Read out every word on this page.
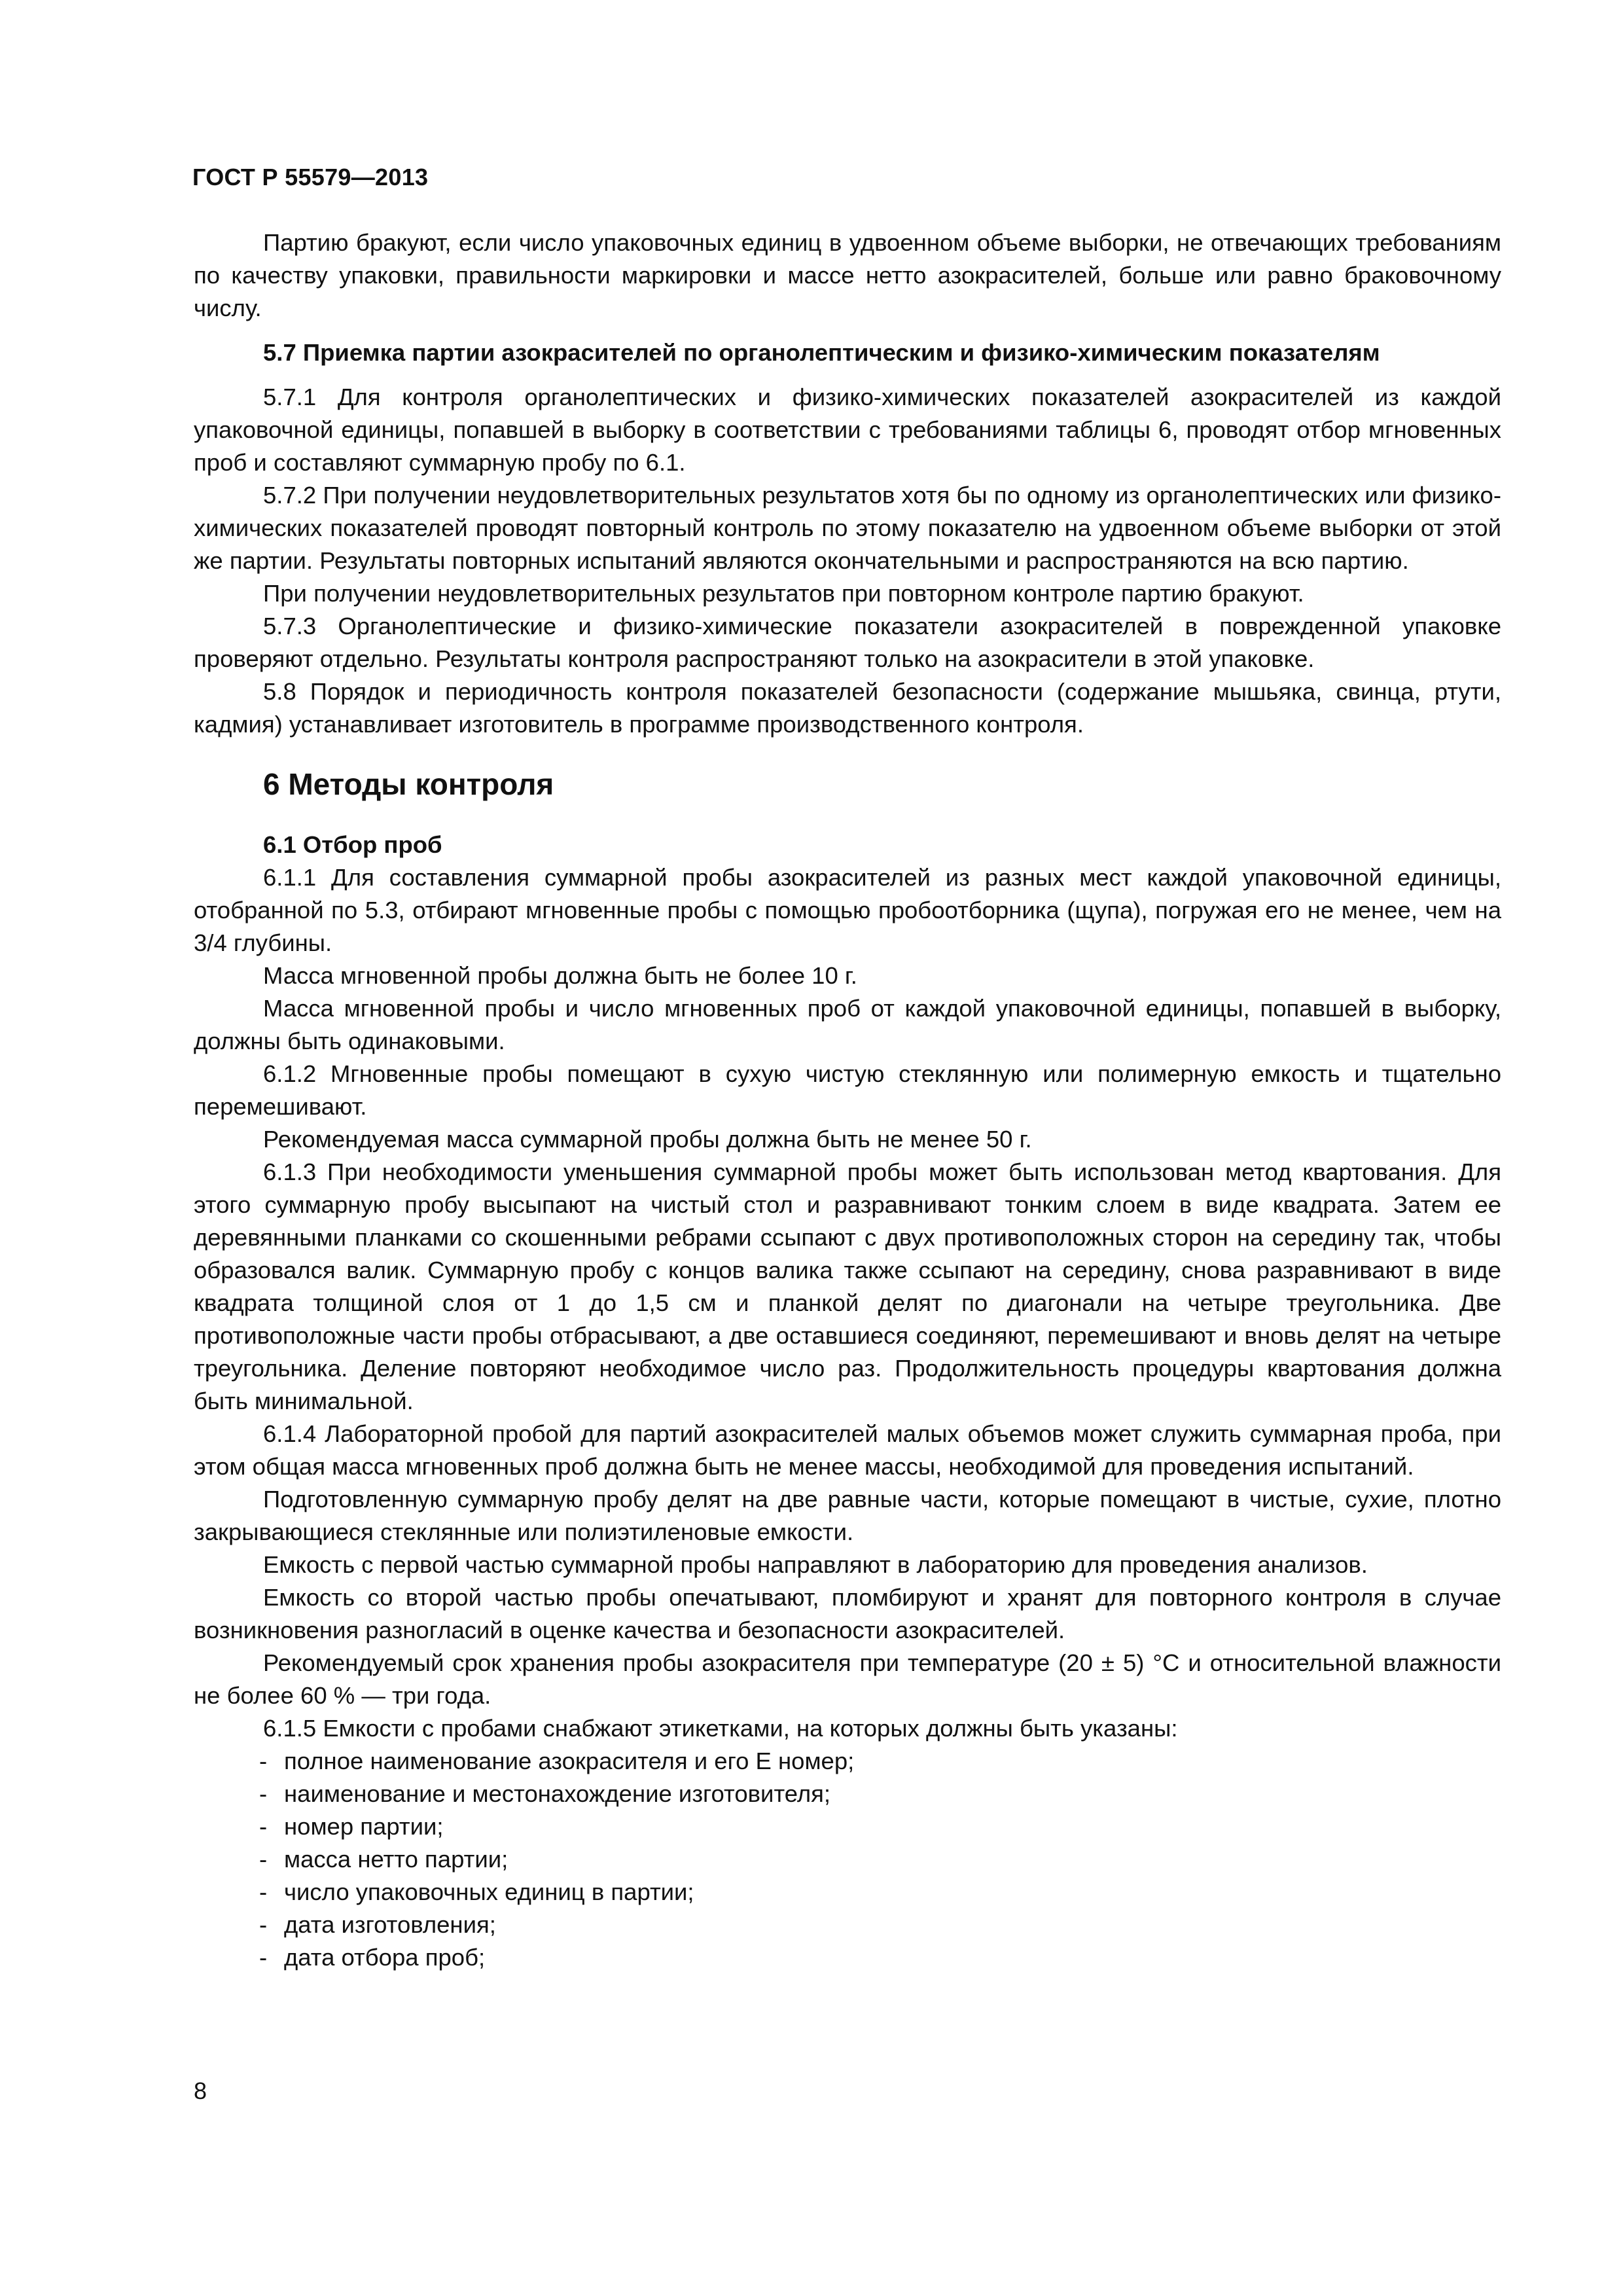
ГОСТ Р 55579—2013

Партию бракуют, если число упаковочных единиц в удвоенном объеме выборки, не отвечающих требованиям по качеству упаковки, правильности маркировки и массе нетто азокрасителей, больше или равно браковочному числу.

5.7 Приемка партии азокрасителей по органолептическим и физико-химическим показателям

5.7.1 Для контроля органолептических и физико-химических показателей азокрасителей из каждой упаковочной единицы, попавшей в выборку в соответствии с требованиями таблицы 6, проводят отбор мгновенных проб и составляют суммарную пробу по 6.1.

5.7.2 При получении неудовлетворительных результатов хотя бы по одному из органолептических или физико-химических показателей проводят повторный контроль по этому показателю на удвоенном объеме выборки от этой же партии. Результаты повторных испытаний являются окончательными и распространяются на всю партию.

При получении неудовлетворительных результатов при повторном контроле партию бракуют.

5.7.3 Органолептические и физико-химические показатели азокрасителей в поврежденной упаковке проверяют отдельно. Результаты контроля распространяют только на азокрасители в этой упаковке.

5.8 Порядок и периодичность контроля показателей безопасности (содержание мышьяка, свинца, ртути, кадмия) устанавливает изготовитель в программе производственного контроля.

6 Методы контроля

6.1 Отбор проб

6.1.1 Для составления суммарной пробы азокрасителей из разных мест каждой упаковочной единицы, отобранной по 5.3, отбирают мгновенные пробы с помощью пробоотборника (щупа), погружая его не менее, чем на 3/4 глубины.

Масса мгновенной пробы должна быть не более 10 г.

Масса мгновенной пробы и число мгновенных проб от каждой упаковочной единицы, попавшей в выборку, должны быть одинаковыми.

6.1.2 Мгновенные пробы помещают в сухую чистую стеклянную или полимерную емкость и тщательно перемешивают.

Рекомендуемая масса суммарной пробы должна быть не менее 50 г.

6.1.3 При необходимости уменьшения суммарной пробы может быть использован метод квартования. Для этого суммарную пробу высыпают на чистый стол и разравнивают тонким слоем в виде квадрата. Затем ее деревянными планками со скошенными ребрами ссыпают с двух противоположных сторон на середину так, чтобы образовался валик. Суммарную пробу с концов валика также ссыпают на середину, снова разравнивают в виде квадрата толщиной слоя от 1 до 1,5 см и планкой делят по диагонали на четыре треугольника. Две противоположные части пробы отбрасывают, а две оставшиеся соединяют, перемешивают и вновь делят на четыре треугольника. Деление повторяют необходимое число раз. Продолжительность процедуры квартования должна быть минимальной.

6.1.4 Лабораторной пробой для партий азокрасителей малых объемов может служить суммарная проба, при этом общая масса мгновенных проб должна быть не менее массы, необходимой для проведения испытаний.

Подготовленную суммарную пробу делят на две равные части, которые помещают в чистые, сухие, плотно закрывающиеся стеклянные или полиэтиленовые емкости.

Емкость с первой частью суммарной пробы направляют в лабораторию для проведения анализов.

Емкость со второй частью пробы опечатывают, пломбируют и хранят для повторного контроля в случае возникновения разногласий в оценке качества и безопасности азокрасителей.

Рекомендуемый срок хранения пробы азокрасителя при температуре (20 ± 5) °С и относительной влажности не более 60 % — три года.

6.1.5 Емкости с пробами снабжают этикетками, на которых должны быть указаны:

- полное наименование азокрасителя и его Е номер;

- наименование и местонахождение изготовителя;

- номер партии;

- масса нетто партии;

- число упаковочных единиц в партии;

- дата изготовления;

- дата отбора проб;

8
